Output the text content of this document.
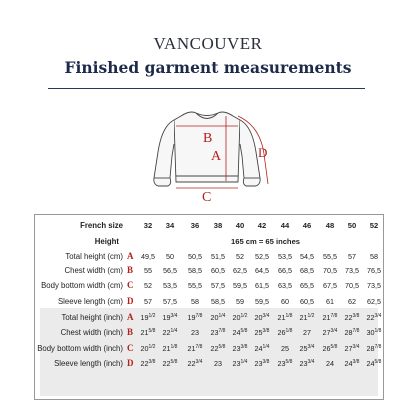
VANCOUVER
Finished garment measurements
B
A
C
D
French size	32	34	36	38	40	42	44	46	48	50	52
Height	165 cm = 65 inches
Total height (cm) A	49,5	50	50,5	51,5	52	52,5	53,5	54,5	55,5	57	58
Chest width (cm) B	55	56,5	58,5	60,5	62,5	64,5	66,5	68,5	70,5	73,5	76,5
Body bottom width (cm) C	52	53,5	55,5	57,5	59,5	61,5	63,5	65,5	67,5	70,5	73,5
Sleeve length (cm) D	57	57,5	58	58,5	59	59,5	60	60,5	61	62	62,5
Total height (inch) A $19^{1/2}$ $19^{3/4}$	$19^{7/8}$	$20^{1/4}$ $20^{1/2}$ $20^{3/4}$	$21^{1/8}$ $21^{1/2}$	$21^{7/8}$ $22^{3/8}$ $22^{3/4}$
Chest width (inch) B	$21^{5/8}$ $22^{1/4}$	23	$23^{7/8}$ $24^{5/8}$ $25^{3/8}$	$26^{1/8}$	27	$27^{3/4}$ $28^{7/8}$ $30^{1/8}$
Body bottom width (inch) C $20^{1/2}$ $21^{1/8}$	$21^{7/8}$	$22^{5/8}$ $23^{3/8}$ $24^{1/4}$	25	$25^{3/4}$	$26^{5/8}$ $27^{3/4}$ $28^{7/8}$
Sleeve length (inch) D $22^{3/8}$ $22^{5/8}$	$22^{3/4}$	23	$23^{1/4}$ $23^{3/8}$	$23^{5/8}$ $23^{3/4}$	24	$24^{3/8}$ $24^{5/8}$
